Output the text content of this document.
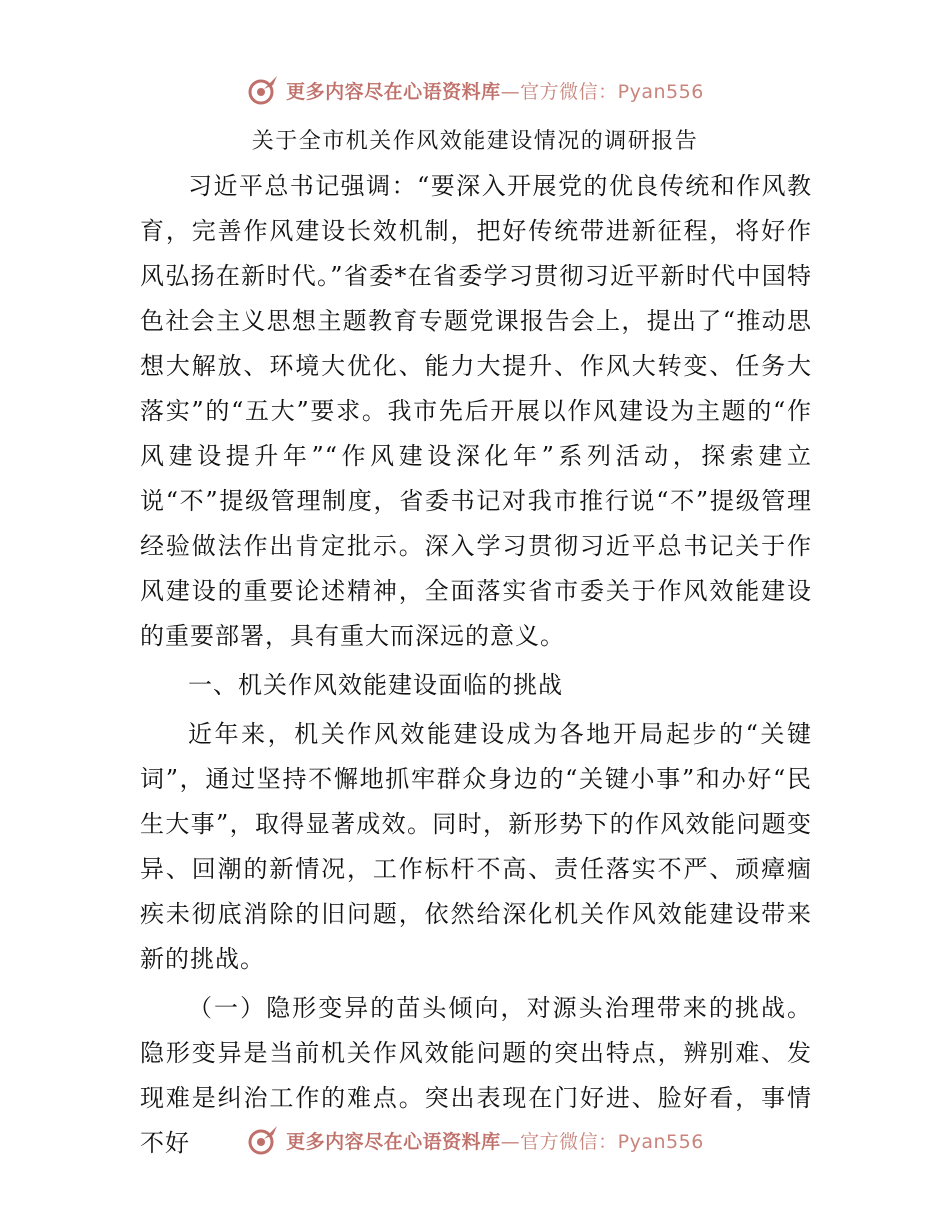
更多内容尽在心语资料库—官方微信：Pyan556
关于全市机关作风效能建设情况的调研报告

习近平总书记强调：“要深入开展党的优良传统和作风教育，完善作风建设长效机制，把好传统带进新征程，将好作风弘扬在新时代。”省委*在省委学习贯彻习近平新时代中国特色社会主义思想主题教育专题党课报告会上，提出了“推动思想大解放、环境大优化、能力大提升、作风大转变、任务大落实”的“五大”要求。我市先后开展以作风建设为主题的“作风建设提升年”“作风建设深化年”系列活动，探索建立说“不”提级管理制度，省委书记对我市推行说“不”提级管理经验做法作出肯定批示。深入学习贯彻习近平总书记关于作风建设的重要论述精神，全面落实省市委关于作风效能建设的重要部署，具有重大而深远的意义。

一、机关作风效能建设面临的挑战

近年来，机关作风效能建设成为各地开局起步的“关键词”，通过坚持不懈地抓牢群众身边的“关键小事”和办好“民生大事”，取得显著成效。同时，新形势下的作风效能问题变异、回潮的新情况，工作标杆不高、责任落实不严、顽瘴痼疾未彻底消除的旧问题，依然给深化机关作风效能建设带来新的挑战。

（一）隐形变异的苗头倾向，对源头治理带来的挑战。隐形变异是当前机关作风效能问题的突出特点，辨别难、发现难是纠治工作的难点。突出表现在门好进、脸好看，事情不好	更多内容尽在心语资料库—官方微信：Pyan556
